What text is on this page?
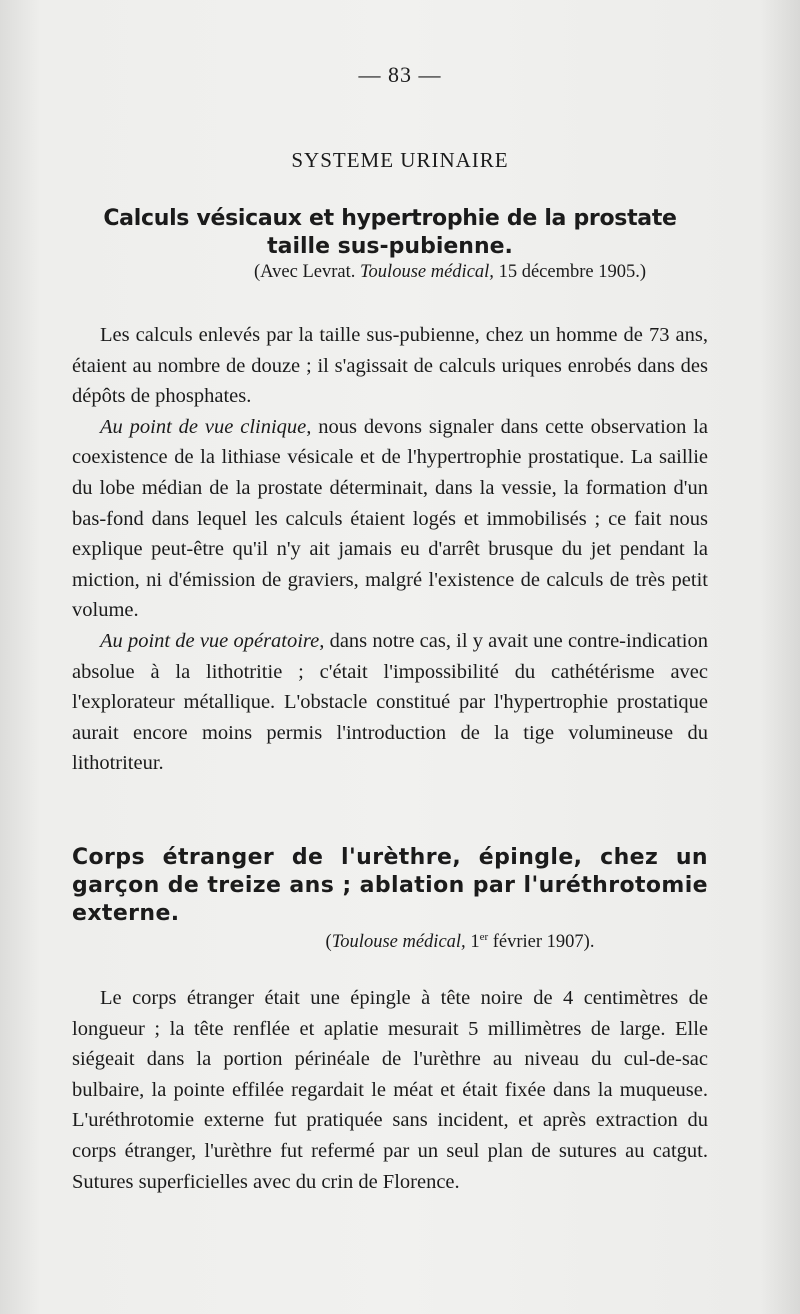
— 83 —
SYSTEME URINAIRE
Calculs vésicaux et hypertrophie de la prostate
taille sus-pubienne.
(Avec Levrat. Toulouse médical, 15 décembre 1905.)

Les calculs enlevés par la taille sus-pubienne, chez un homme de 73 ans, étaient au nombre de douze ; il s'agissait de calculs uriques enrobés dans des dépôts de phosphates.

Au point de vue clinique, nous devons signaler dans cette observation la coexistence de la lithiase vésicale et de l'hypertrophie prostatique. La saillie du lobe médian de la prostate déterminait, dans la vessie, la formation d'un bas-fond dans lequel les calculs étaient logés et immobilisés ; ce fait nous explique peut-être qu'il n'y ait jamais eu d'arrêt brusque du jet pendant la miction, ni d'émission de graviers, malgré l'existence de calculs de très petit volume.

Au point de vue opératoire, dans notre cas, il y avait une contre-indication absolue à la lithotritie ; c'était l'impossibilité du cathétérisme avec l'explorateur métallique. L'obstacle constitué par l'hypertrophie prostatique aurait encore moins permis l'introduction de la tige volumineuse du lithotriteur.

Corps étranger de l'urèthre, épingle, chez un garçon de treize ans ; ablation par l'uréthrotomie externe.
(Toulouse médical, 1er février 1907).

Le corps étranger était une épingle à tête noire de 4 centimètres de longueur ; la tête renflée et aplatie mesurait 5 millimètres de large. Elle siégeait dans la portion périnéale de l'urèthre au niveau du cul-de-sac bulbaire, la pointe effilée regardait le méat et était fixée dans la muqueuse. L'uréthrotomie externe fut pratiquée sans incident, et après extraction du corps étranger, l'urèthre fut refermé par un seul plan de sutures au catgut. Sutures superficielles avec du crin de Florence.
